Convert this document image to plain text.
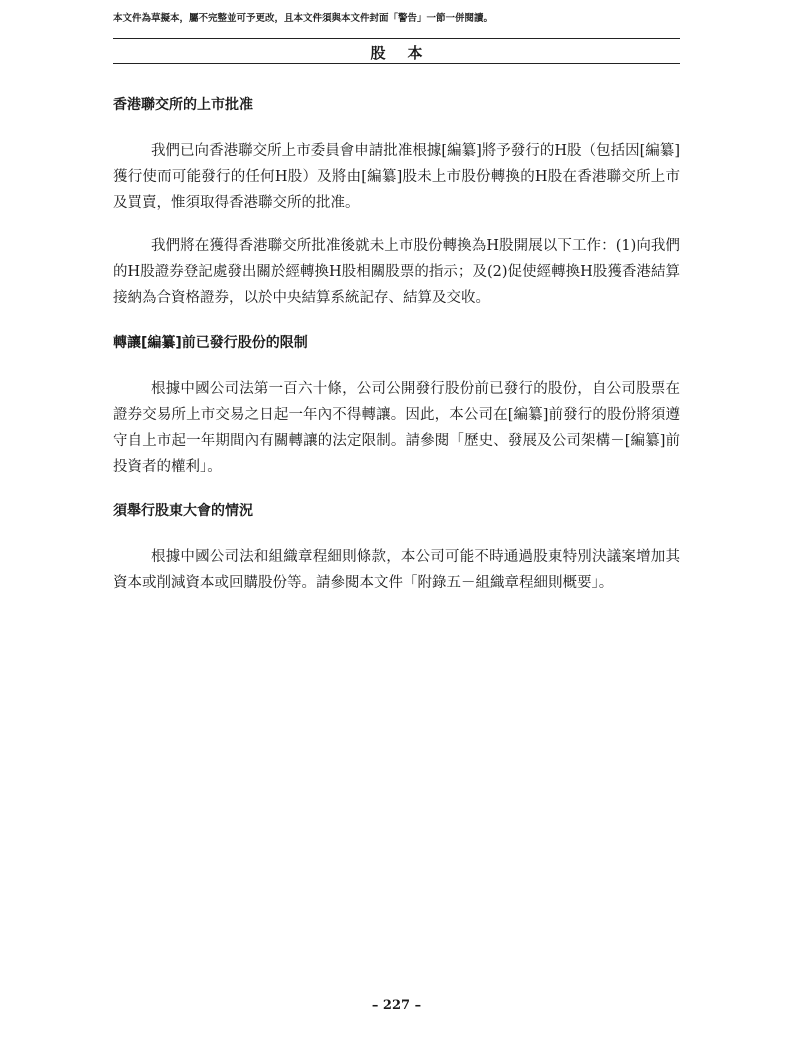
本文件為草擬本，屬不完整並可予更改，且本文件須與本文件封面「警告」一節一併閱讀。
股本
香港聯交所的上市批准

我們已向香港聯交所上市委員會申請批准根據[編纂]將予發行的H股（包括因[編纂]獲行使而可能發行的任何H股）及將由[編纂]股未上市股份轉換的H股在香港聯交所上市及買賣，惟須取得香港聯交所的批准。

我們將在獲得香港聯交所批准後就未上市股份轉換為H股開展以下工作：(1)向我們的H股證券登記處發出關於經轉換H股相關股票的指示；及(2)促使經轉換H股獲香港結算接納為合資格證券，以於中央結算系統記存、結算及交收。

轉讓[編纂]前已發行股份的限制

根據中國公司法第一百六十條，公司公開發行股份前已發行的股份，自公司股票在證券交易所上市交易之日起一年內不得轉讓。因此，本公司在[編纂]前發行的股份將須遵守自上市起一年期間內有關轉讓的法定限制。請參閱「歷史、發展及公司架構－[編纂]前投資者的權利」。

須舉行股東大會的情況

根據中國公司法和組織章程細則條款，本公司可能不時通過股東特別決議案增加其資本或削減資本或回購股份等。請參閱本文件「附錄五－組織章程細則概要」。

– 227 –
